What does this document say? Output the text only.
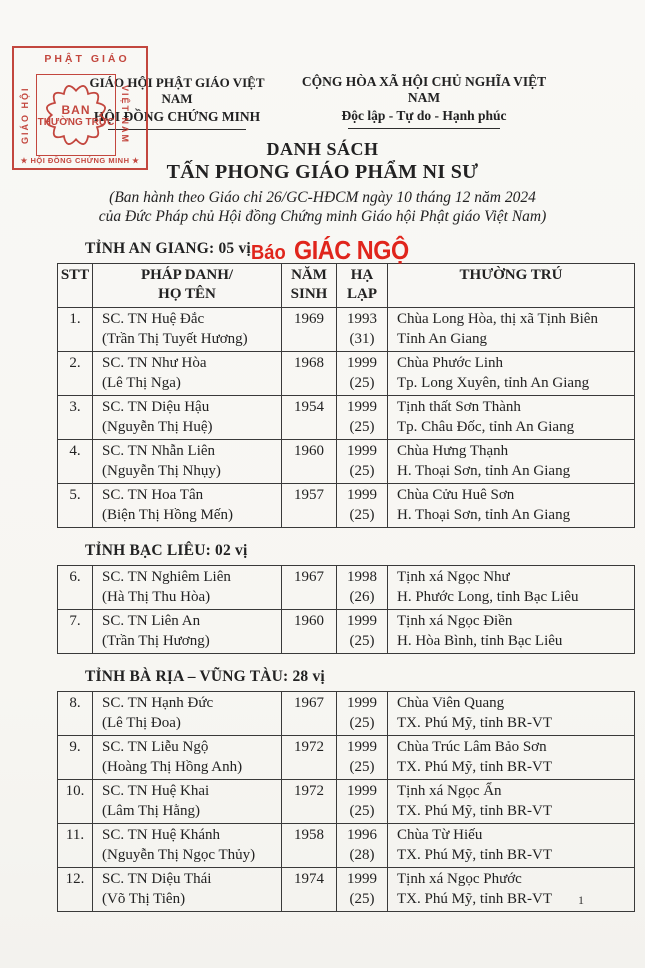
PHẬT GIÁO
GIÁO HỘI	VIỆT NAM
BAN
THƯỜNG TRỰC
★ HỘI ĐỒNG CHỨNG MINH ★
GIÁO HỘI PHẬT GIÁO VIỆT NAM
HỘI ĐỒNG CHỨNG MINH
CỘNG HÒA XÃ HỘI CHỦ NGHĨA VIỆT NAM
Độc lập - Tự do - Hạnh phúc
DANH SÁCH
TẤN PHONG GIÁO PHẨM NI SƯ
(Ban hành theo Giáo chỉ 26/GC-HĐCM ngày 10 tháng 12 năm 2024
của Đức Pháp chủ Hội đồng Chứng minh Giáo hội Phật giáo Việt Nam)
Báo GIÁC NGỘ
TỈNH AN GIANG: 05 vị
STT	PHÁP DANH/
HỌ TÊN

NĂM
SINH

HẠ
LẠP

THƯỜNG TRÚ

1.	SC. TN Huệ Đắc
(Trần Thị Tuyết Hương)

1969	1993
(31)

Chùa Long Hòa, thị xã Tịnh Biên
Tỉnh An Giang

2.	SC. TN Như Hòa
(Lê Thị Nga)

1968	1999
(25)

Chùa Phước Linh
Tp. Long Xuyên, tỉnh An Giang

3.	SC. TN Diệu Hậu
(Nguyễn Thị Huệ)

1954	1999
(25)

Tịnh thất Sơn Thành
Tp. Châu Đốc, tỉnh An Giang

4.	SC. TN Nhẫn Liên
(Nguyễn Thị Nhụy)

1960	1999
(25)

Chùa Hưng Thạnh
H. Thoại Sơn, tỉnh An Giang

5.	SC. TN Hoa Tân
(Biện Thị Hồng Mến)

1957	1999
(25)

Chùa Cửu Huê Sơn
H. Thoại Sơn, tỉnh An Giang
TỈNH BẠC LIÊU: 02 vị
6.	SC. TN Nghiêm Liên
(Hà Thị Thu Hòa)

1967	1998
(26)

Tịnh xá Ngọc Như
H. Phước Long, tỉnh Bạc Liêu

7.	SC. TN Liên An
(Trần Thị Hương)

1960	1999
(25)

Tịnh xá Ngọc Điền
H. Hòa Bình, tỉnh Bạc Liêu
TỈNH BÀ RỊA – VŨNG TÀU: 28 vị
8.	SC. TN Hạnh Đức
(Lê Thị Đoa)

1967	1999
(25)

Chùa Viên Quang
TX. Phú Mỹ, tỉnh BR-VT

9.	SC. TN Liễu Ngộ
(Hoàng Thị Hồng Anh)

1972	1999
(25)

Chùa Trúc Lâm Bảo Sơn
TX. Phú Mỹ, tỉnh BR-VT

10.	SC. TN Huệ Khai
(Lâm Thị Hằng)

1972	1999
(25)

Tịnh xá Ngọc Ẩn
TX. Phú Mỹ, tỉnh BR-VT

11.	SC. TN Huệ Khánh
(Nguyễn Thị Ngọc Thủy)

1958	1996
(28)

Chùa Từ Hiếu
TX. Phú Mỹ, tỉnh BR-VT

12.	SC. TN Diệu Thái
(Võ Thị Tiên)

1974	1999
(25)

Tịnh xá Ngọc Phước
TX. Phú Mỹ, tỉnh BR-VT	1
